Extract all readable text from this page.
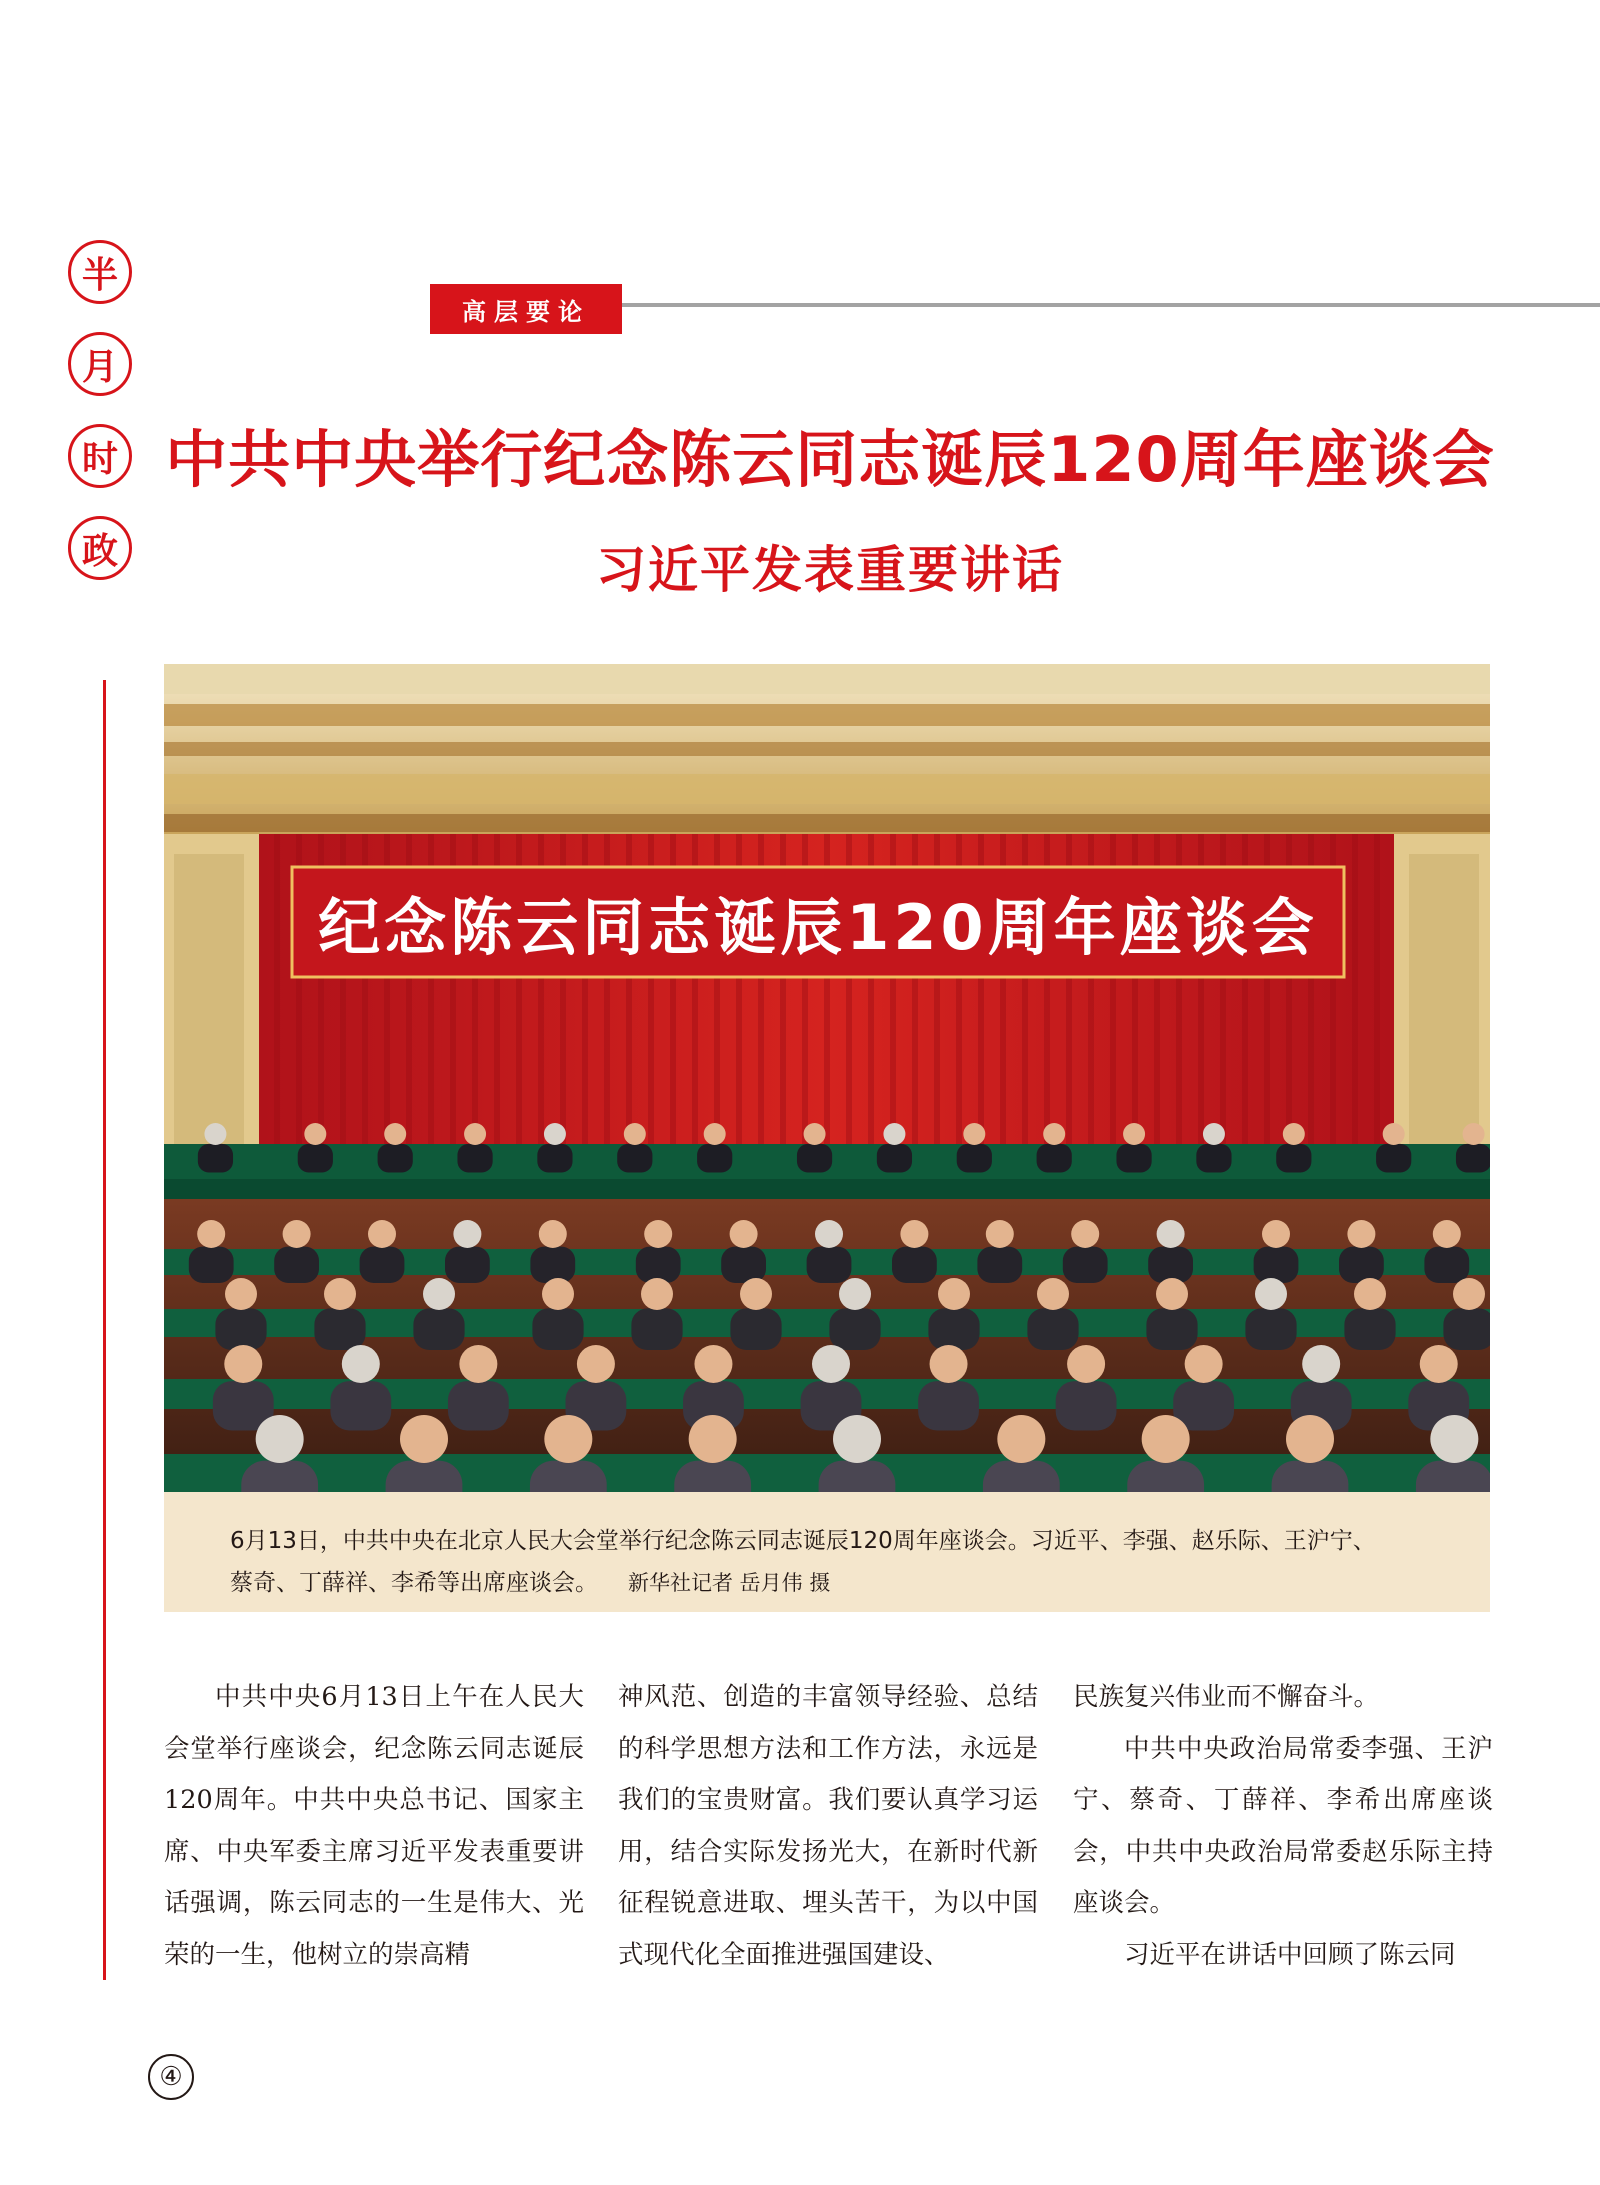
半
月
时
政
高层要论
中共中央举行纪念陈云同志诞辰120周年座谈会
习近平发表重要讲话
纪念陈云同志诞辰120周年座谈会
6月13日，中共中央在北京人民大会堂举行纪念陈云同志诞辰120周年座谈会。习近平、李强、赵乐际、王沪宁、
蔡奇、丁薛祥、李希等出席座谈会。 新华社记者 岳月伟 摄

中共中央6月13日上午在人民大会堂举行座谈会，纪念陈云同志诞辰120周年。中共中央总书记、国家主席、中央军委主席习近平发表重要讲话强调，陈云同志的一生是伟大、光荣的一生，他树立的崇高精

神风范、创造的丰富领导经验、总结的科学思想方法和工作方法，永远是我们的宝贵财富。我们要认真学习运用，结合实际发扬光大，在新时代新征程锐意进取、埋头苦干，为以中国式现代化全面推进强国建设、

民族复兴伟业而不懈奋斗。

中共中央政治局常委李强、王沪宁、蔡奇、丁薛祥、李希出席座谈会，中共中央政治局常委赵乐际主持座谈会。

习近平在讲话中回顾了陈云同

④
